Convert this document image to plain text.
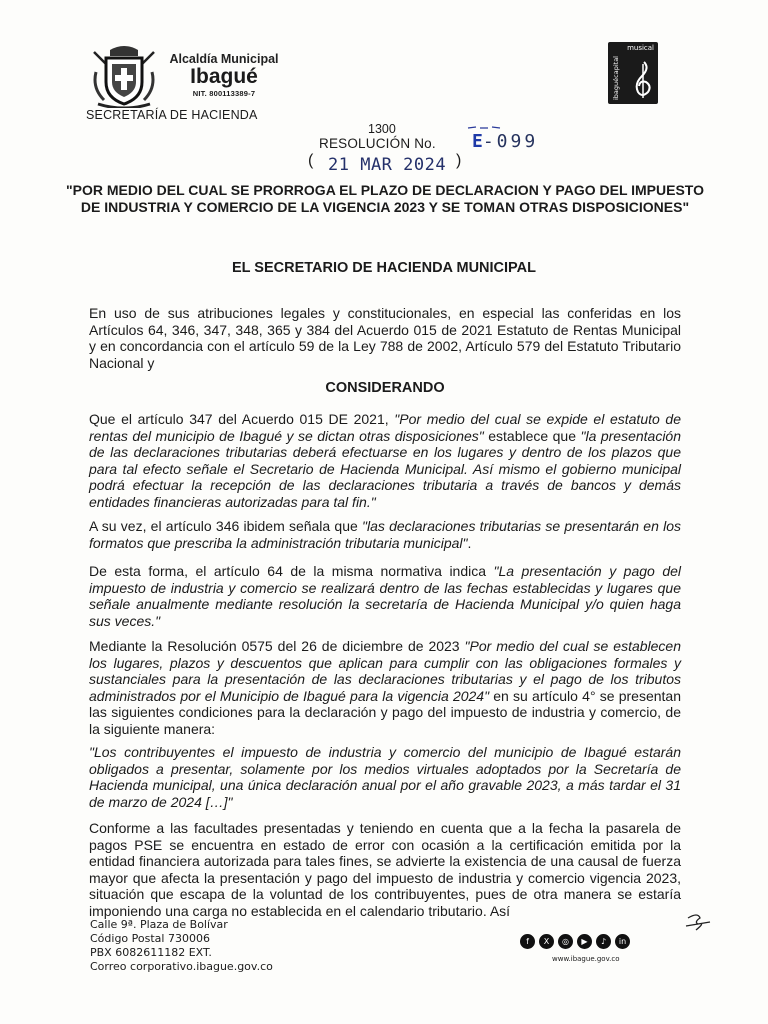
Alcaldía Municipal
Ibagué
NIT. 800113389-7
SECRETARÍA DE HACIENDA
musical
ibaguécapital
1300
RESOLUCIÓN No. E-099
( 21 MAR 2024 )
"POR MEDIO DEL CUAL SE PRORROGA EL PLAZO DE DECLARACION Y PAGO DEL IMPUESTO DE INDUSTRIA Y COMERCIO DE LA VIGENCIA 2023 Y SE TOMAN OTRAS DISPOSICIONES"
EL SECRETARIO DE HACIENDA MUNICIPAL
En uso de sus atribuciones legales y constitucionales, en especial las conferidas en los Artículos 64, 346, 347, 348, 365 y 384 del Acuerdo 015 de 2021 Estatuto de Rentas Municipal y en concordancia con el artículo 59 de la Ley 788 de 2002, Artículo 579 del Estatuto Tributario Nacional y
CONSIDERANDO
Que el artículo 347 del Acuerdo 015 DE 2021, "Por medio del cual se expide el estatuto de rentas del municipio de Ibagué y se dictan otras disposiciones" establece que "la presentación de las declaraciones tributarias deberá efectuarse en los lugares y dentro de los plazos que para tal efecto señale el Secretario de Hacienda Municipal. Así mismo el gobierno municipal podrá efectuar la recepción de las declaraciones tributaria a través de bancos y demás entidades financieras autorizadas para tal fin."
A su vez, el artículo 346 ibidem señala que "las declaraciones tributarias se presentarán en los formatos que prescriba la administración tributaria municipal".
De esta forma, el artículo 64 de la misma normativa indica "La presentación y pago del impuesto de industria y comercio se realizará dentro de las fechas establecidas y lugares que señale anualmente mediante resolución la secretaría de Hacienda Municipal y/o quien haga sus veces."
Mediante la Resolución 0575 del 26 de diciembre de 2023 "Por medio del cual se establecen los lugares, plazos y descuentos que aplican para cumplir con las obligaciones formales y sustanciales para la presentación de las declaraciones tributarias y el pago de los tributos administrados por el Municipio de Ibagué para la vigencia 2024" en su artículo 4° se presentan las siguientes condiciones para la declaración y pago del impuesto de industria y comercio, de la siguiente manera:
"Los contribuyentes el impuesto de industria y comercio del municipio de Ibagué estarán obligados a presentar, solamente por los medios virtuales adoptados por la Secretaría de Hacienda municipal, una única declaración anual por el año gravable 2023, a más tardar el 31 de marzo de 2024 […]"
Conforme a las facultades presentadas y teniendo en cuenta que a la fecha la pasarela de pagos PSE se encuentra en estado de error con ocasión a la certificación emitida por la entidad financiera autorizada para tales fines, se advierte la existencia de una causal de fuerza mayor que afecta la presentación y pago del impuesto de industria y comercio vigencia 2023, situación que escapa de la voluntad de los contribuyentes, pues de otra manera se estaría imponiendo una carga no establecida en el calendario tributario. Así
Calle 9ª. Plaza de Bolívar
Código Postal 730006
PBX 6082611182 EXT.
Correo corporativo.ibague.gov.co
f	X	◎	▶	♪	in
www.ibague.gov.co
